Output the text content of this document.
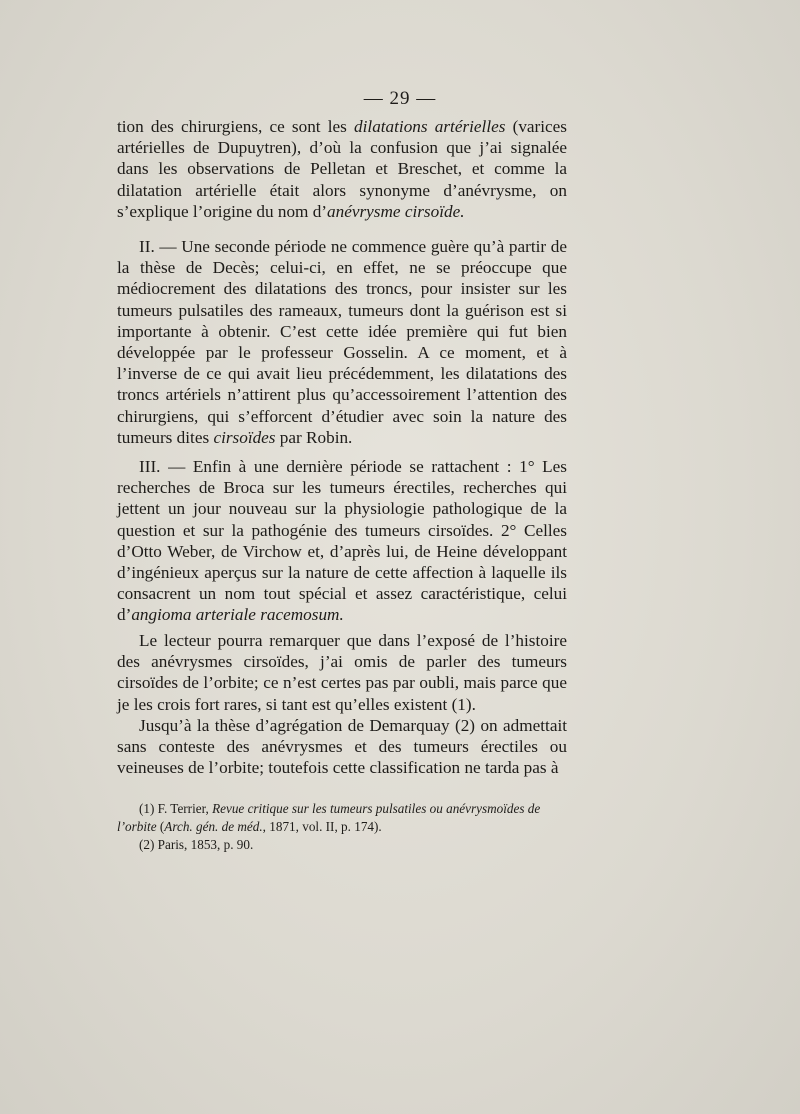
— 29 —

tion des chirurgiens, ce sont les dilatations artérielles (varices artérielles de Dupuytren), d’où la confusion que j’ai signalée dans les observations de Pelletan et Breschet, et comme la dilatation artérielle était alors synonyme d’anévrysme, on s’explique l’origine du nom d’anévrysme cirsoïde.

II. — Une seconde période ne commence guère qu’à partir de la thèse de Decès; celui-ci, en effet, ne se préoccupe que médiocrement des dilatations des troncs, pour insister sur les tumeurs pulsatiles des rameaux, tumeurs dont la guérison est si importante à obtenir. C’est cette idée première qui fut bien développée par le professeur Gosselin. A ce moment, et à l’inverse de ce qui avait lieu précédemment, les dilatations des troncs artériels n’attirent plus qu’accessoirement l’attention des chirurgiens, qui s’efforcent d’étudier avec soin la nature des tumeurs dites cirsoïdes par Robin.

III. — Enfin à une dernière période se rattachent : 1° Les recherches de Broca sur les tumeurs érectiles, recherches qui jettent un jour nouveau sur la physiologie pathologique de la question et sur la pathogénie des tumeurs cirsoïdes. 2° Celles d’Otto Weber, de Virchow et, d’après lui, de Heine développant d’ingénieux aperçus sur la nature de cette affection à laquelle ils consacrent un nom tout spécial et assez caractéristique, celui d’angioma arteriale racemosum.

Le lecteur pourra remarquer que dans l’exposé de l’histoire des anévrysmes cirsoïdes, j’ai omis de parler des tumeurs cirsoïdes de l’orbite; ce n’est certes pas par oubli, mais parce que je les crois fort rares, si tant est qu’elles existent (1).

Jusqu’à la thèse d’agrégation de Demarquay (2) on admettait sans conteste des anévrysmes et des tumeurs érectiles ou veineuses de l’orbite; toutefois cette classification ne tarda pas à

(1) F. Terrier, Revue critique sur les tumeurs pulsatiles ou anévrysmoïdes de l’orbite (Arch. gén. de méd., 1871, vol. II, p. 174).

(2) Paris, 1853, p. 90.
